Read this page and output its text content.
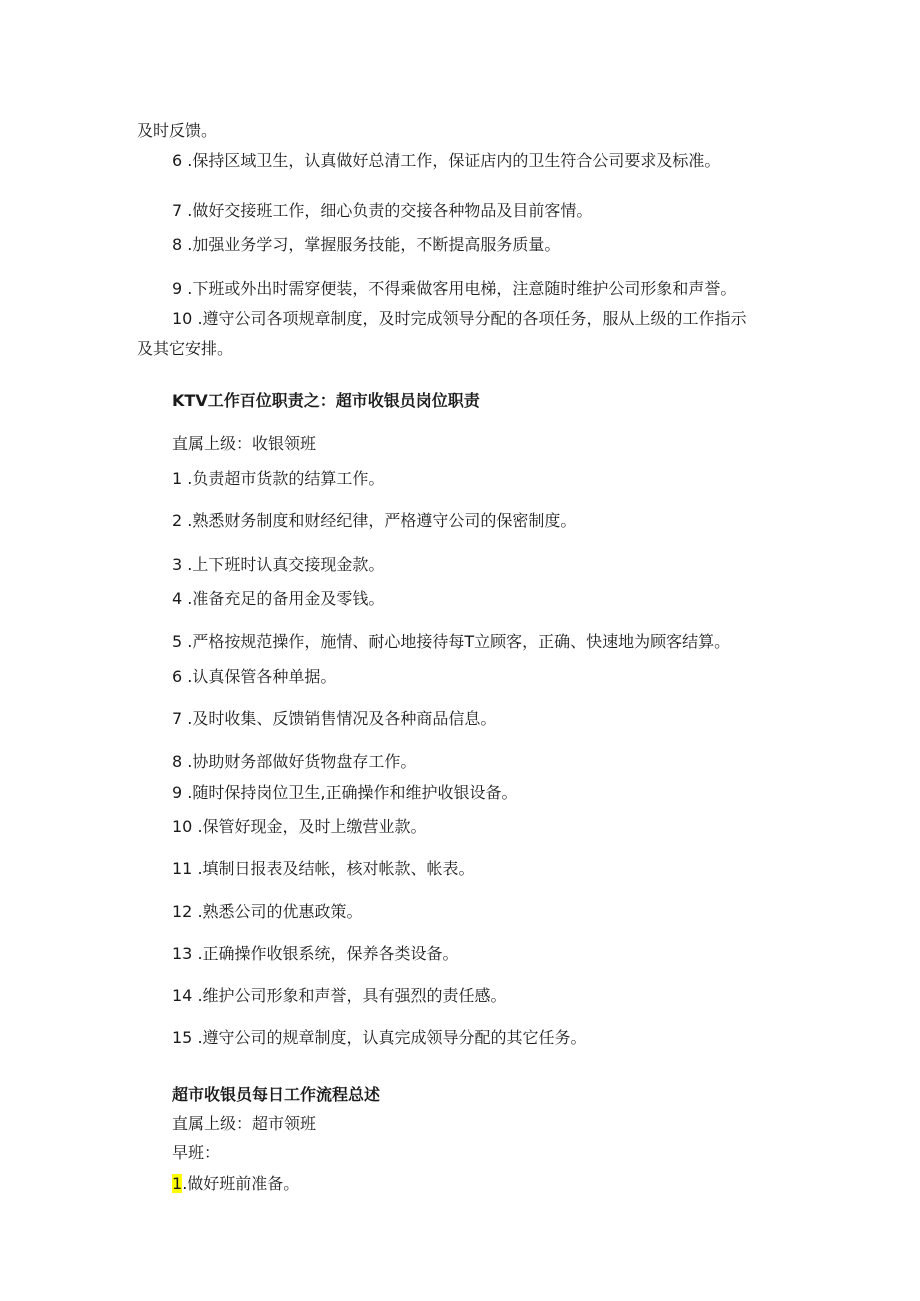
及时反馈。

6 .保持区域卫生，认真做好总清工作，保证店内的卫生符合公司要求及标准。

7 .做好交接班工作，细心负责的交接各种物品及目前客情。

8 .加强业务学习，掌握服务技能，不断提高服务质量。

9 .下班或外出时需穿便装，不得乘做客用电梯，注意随时维护公司形象和声誉。

10 .遵守公司各项规章制度，及时完成领导分配的各项任务，服从上级的工作指示

及其它安排。

KTV工作百位职责之：超市收银员岗位职责

直属上级：收银领班

1 .负责超市货款的结算工作。

2 .熟悉财务制度和财经纪律，严格遵守公司的保密制度。

3 .上下班时认真交接现金款。

4 .准备充足的备用金及零钱。

5 .严格按规范操作，施情、耐心地接待每T立顾客，正确、快速地为顾客结算。

6 .认真保管各种单据。

7 .及时收集、反馈销售情况及各种商品信息。

8 .协助财务部做好货物盘存工作。

9 .随时保持岗位卫生,正确操作和维护收银设备。

10 .保管好现金，及时上缴营业款。

11 .填制日报表及结帐，核对帐款、帐表。

12 .熟悉公司的优惠政策。

13 .正确操作收银系统，保养各类设备。

14 .维护公司形象和声誉，具有强烈的责任感。

15 .遵守公司的规章制度，认真完成领导分配的其它任务。

超市收银员每日工作流程总述

直属上级：超市领班

早班：

1.做好班前准备。
